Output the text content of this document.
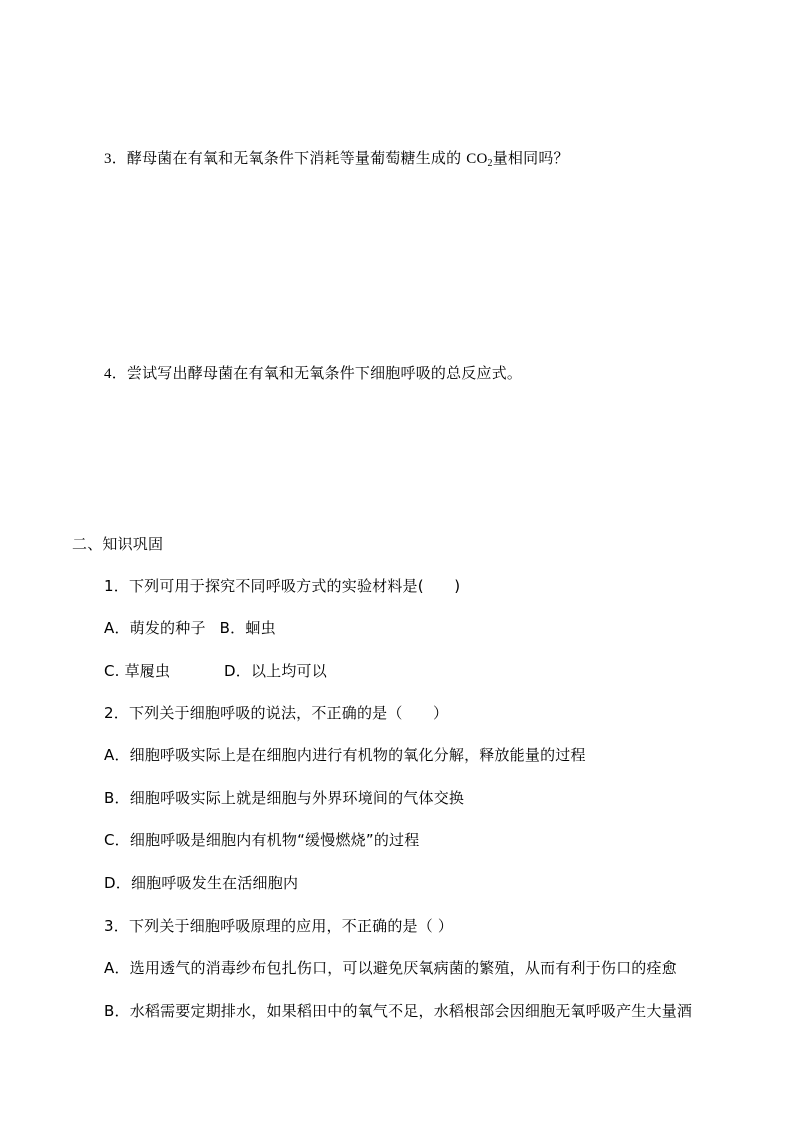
3．酵母菌在有氧和无氧条件下消耗等量葡萄糖生成的 $CO_2$量相同吗？
4．尝试写出酵母菌在有氧和无氧条件下细胞呼吸的总反应式。
二、知识巩固
1．下列可用于探究不同呼吸方式的实验材料是(　　)
A．萌发的种子 B．蛔虫
C. 草履虫	D．以上均可以
2．下列关于细胞呼吸的说法，不正确的是（　　）
A．细胞呼吸实际上是在细胞内进行有机物的氧化分解，释放能量的过程
B．细胞呼吸实际上就是细胞与外界环境间的气体交换
C．细胞呼吸是细胞内有机物“缓慢燃烧”的过程
D．细胞呼吸发生在活细胞内
3．下列关于细胞呼吸原理的应用，不正确的是（ ）
A．选用透气的消毒纱布包扎伤口，可以避免厌氧病菌的繁殖，从而有利于伤口的痊愈
B．水稻需要定期排水，如果稻田中的氧气不足，水稻根部会因细胞无氧呼吸产生大量酒
